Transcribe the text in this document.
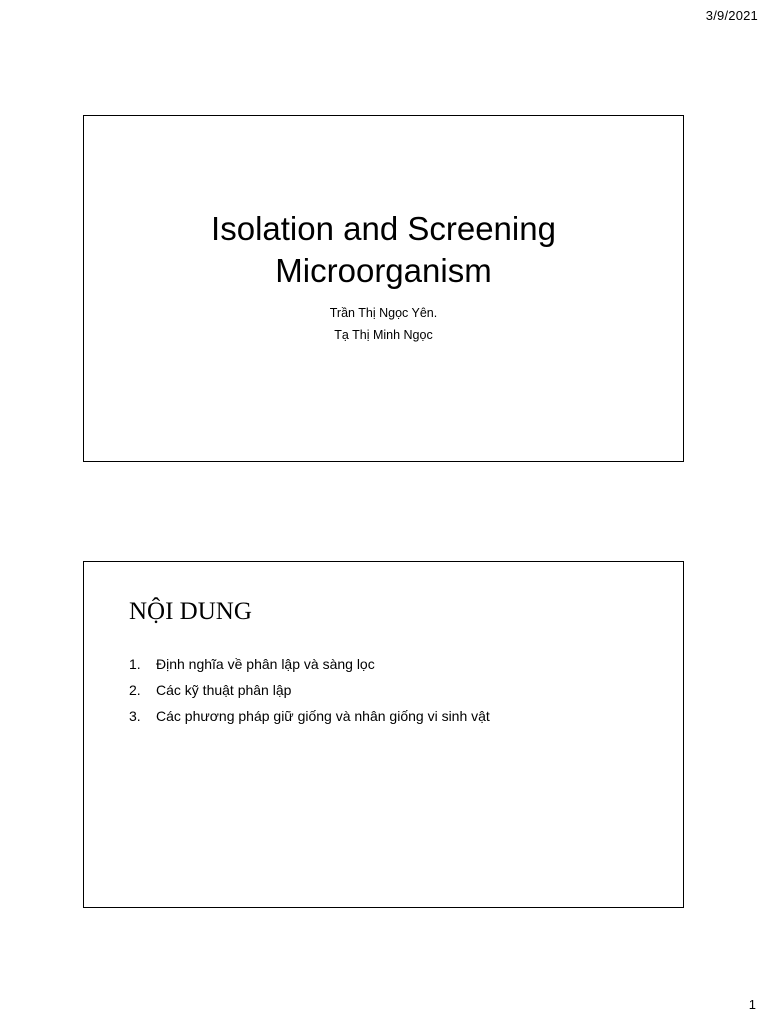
3/9/2021

Isolation and Screening

Microorganism

Trần Thị Ngọc Yên.
Tạ Thị Minh Ngọc
NỘI DUNG
1.	Định nghĩa về phân lập và sàng lọc
2.	Các kỹ thuật phân lập
3.	Các phương pháp giữ giống và nhân giống vi sinh vật
1
